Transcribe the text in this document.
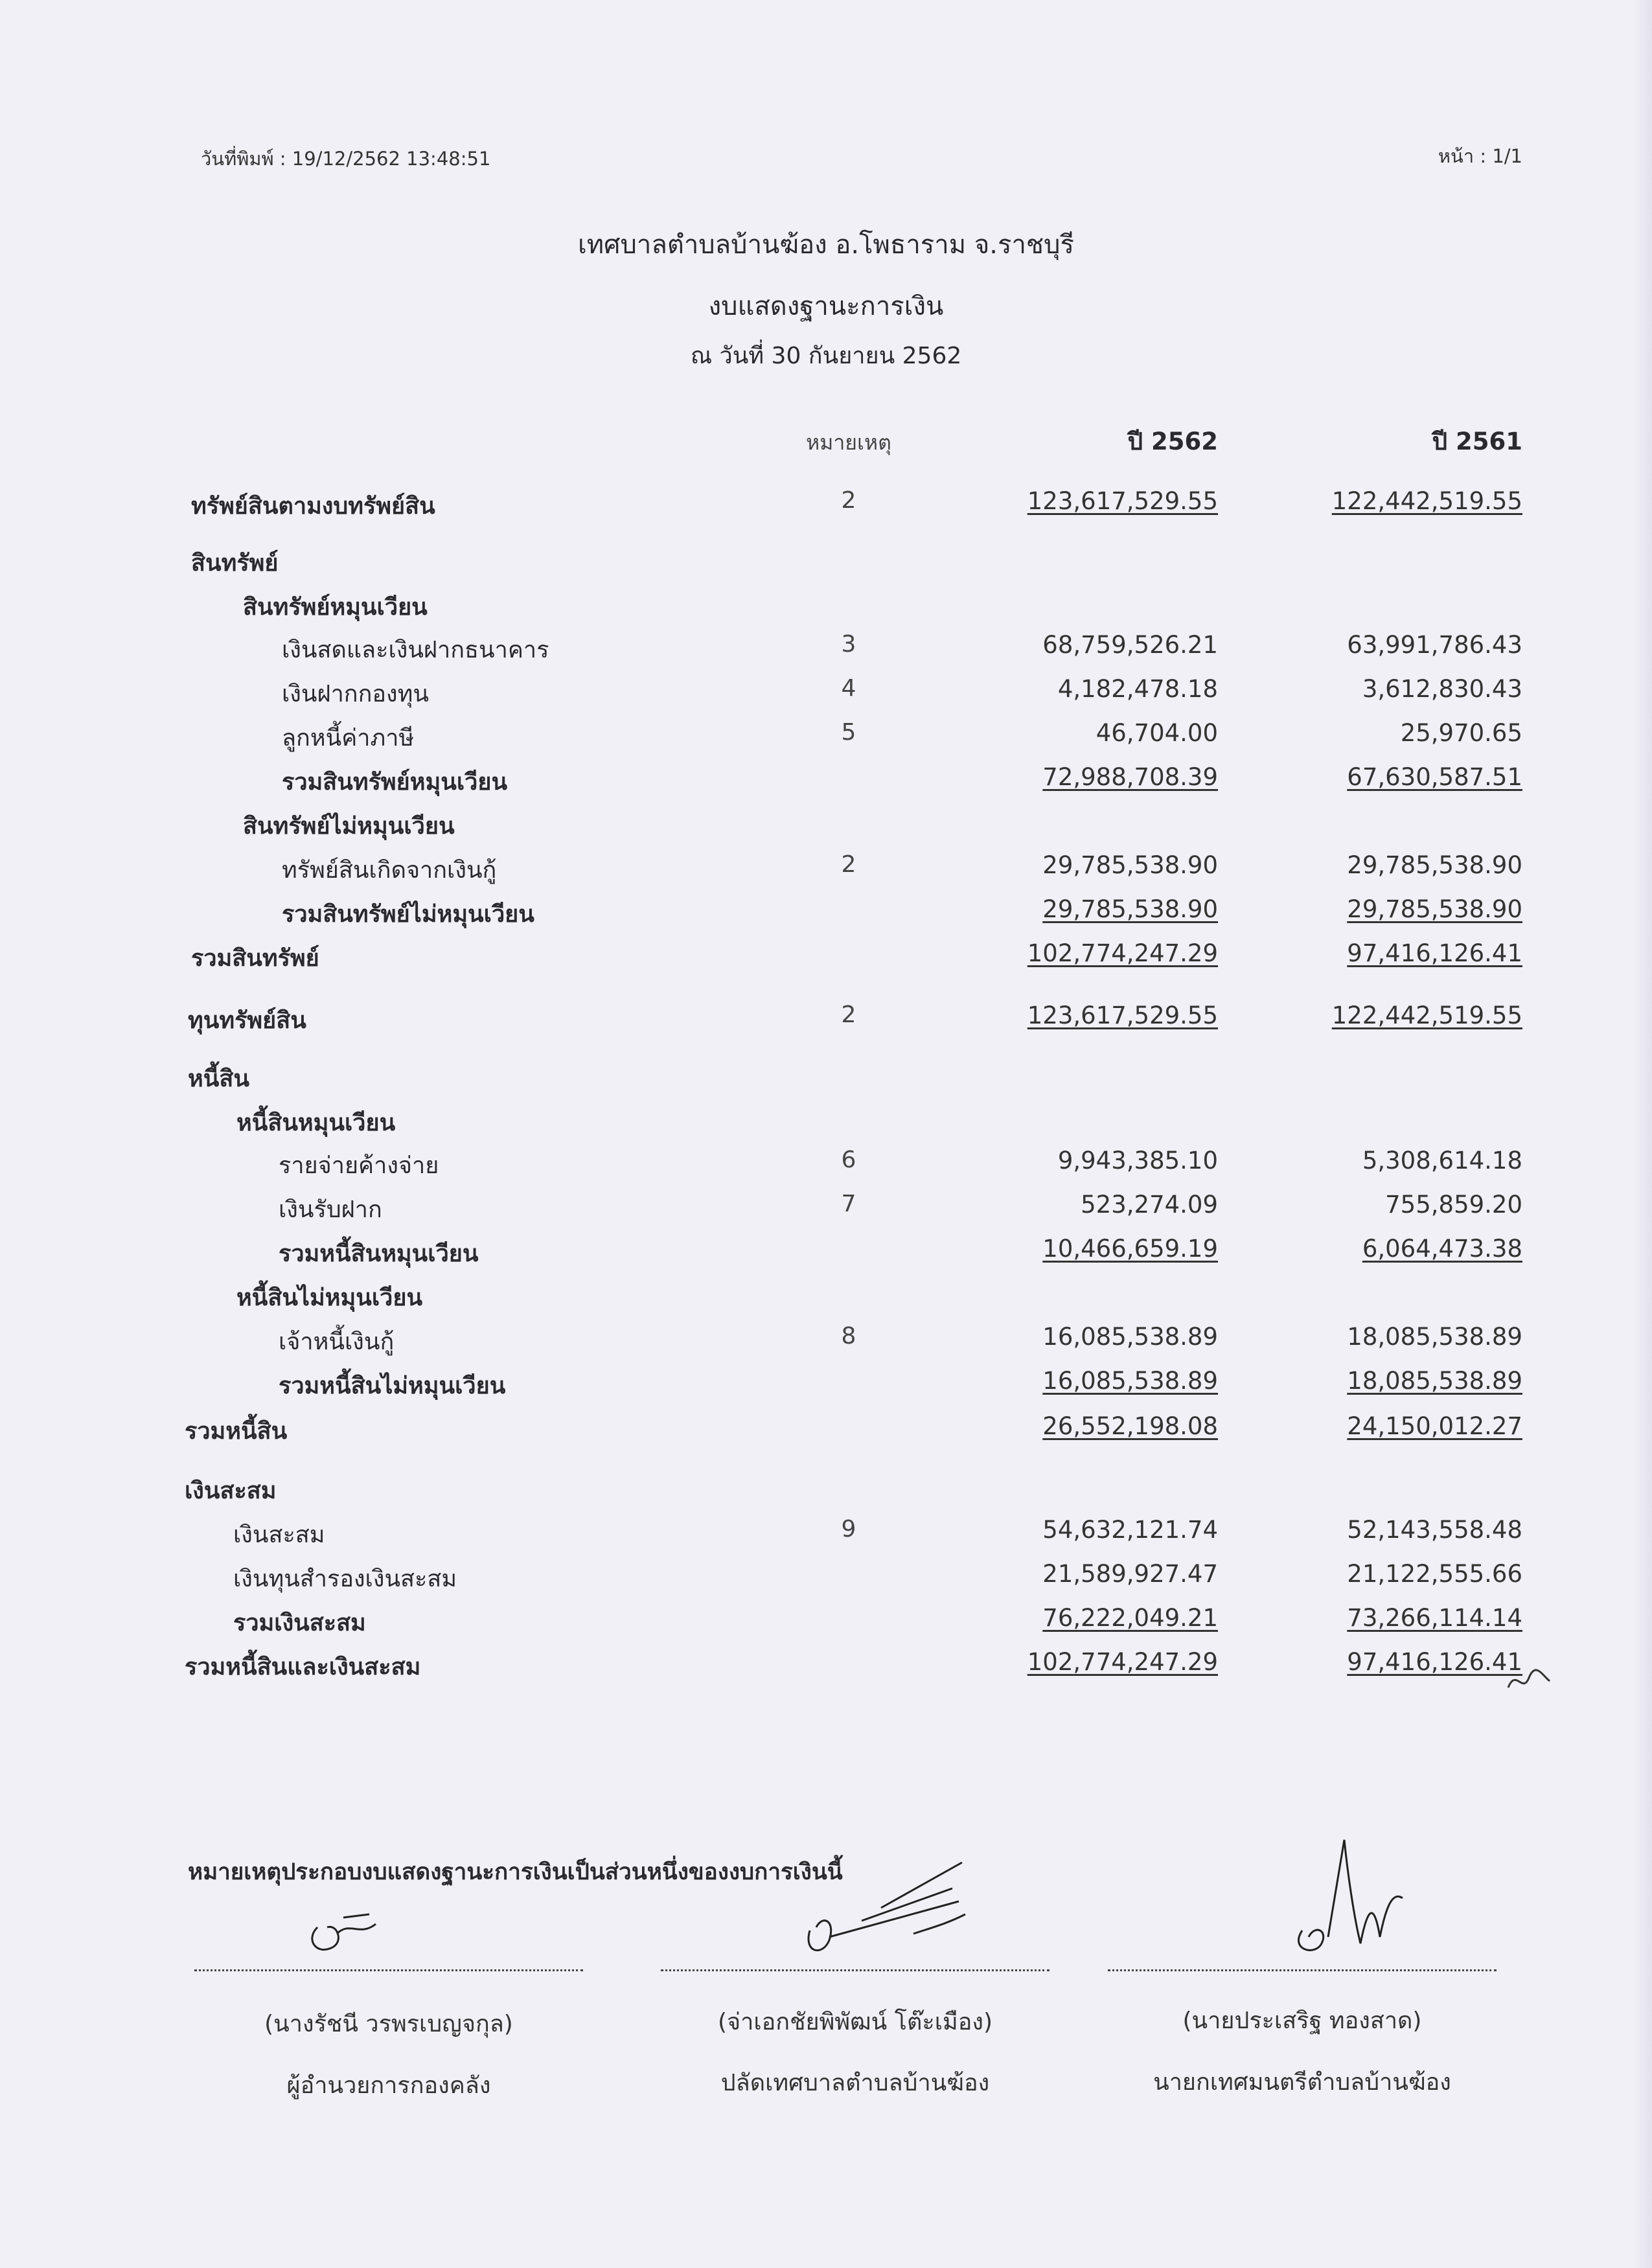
วันที่พิมพ์ : 19/12/2562 13:48:51	หน้า : 1/1
เทศบาลตำบลบ้านฆ้อง อ.โพธาราม จ.ราชบุรี
งบแสดงฐานะการเงิน
ณ วันที่ 30 กันยายน 2562
หมายเหตุ	ปี 2562	ปี 2561
ทรัพย์สินตามงบทรัพย์สิน	2	123,617,529.55	122,442,519.55
สินทรัพย์
สินทรัพย์หมุนเวียน
เงินสดและเงินฝากธนาคาร	3	68,759,526.21	63,991,786.43
เงินฝากกองทุน	4	4,182,478.18	3,612,830.43
ลูกหนี้ค่าภาษี	5	46,704.00	25,970.65
รวมสินทรัพย์หมุนเวียน	72,988,708.39	67,630,587.51
สินทรัพย์ไม่หมุนเวียน
ทรัพย์สินเกิดจากเงินกู้	2	29,785,538.90	29,785,538.90
รวมสินทรัพย์ไม่หมุนเวียน	29,785,538.90	29,785,538.90
รวมสินทรัพย์	102,774,247.29	97,416,126.41
ทุนทรัพย์สิน	2	123,617,529.55	122,442,519.55
หนี้สิน
หนี้สินหมุนเวียน
รายจ่ายค้างจ่าย	6	9,943,385.10	5,308,614.18
เงินรับฝาก	7	523,274.09	755,859.20
รวมหนี้สินหมุนเวียน	10,466,659.19	6,064,473.38
หนี้สินไม่หมุนเวียน
เจ้าหนี้เงินกู้	8	16,085,538.89	18,085,538.89
รวมหนี้สินไม่หมุนเวียน	16,085,538.89	18,085,538.89
รวมหนี้สิน	26,552,198.08	24,150,012.27
เงินสะสม
เงินสะสม	9	54,632,121.74	52,143,558.48
เงินทุนสำรองเงินสะสม	21,589,927.47	21,122,555.66
รวมเงินสะสม	76,222,049.21	73,266,114.14
รวมหนี้สินและเงินสะสม	102,774,247.29	97,416,126.41
หมายเหตุประกอบงบแสดงฐานะการเงินเป็นส่วนหนึ่งของงบการเงินนี้
(นางรัชนี วรพรเบญจกุล)
ผู้อำนวยการกองคลัง
(จ่าเอกชัยพิพัฒน์ โต๊ะเมือง)
ปลัดเทศบาลตำบลบ้านฆ้อง
(นายประเสริฐ ทองสาด)
นายกเทศมนตรีตำบลบ้านฆ้อง
